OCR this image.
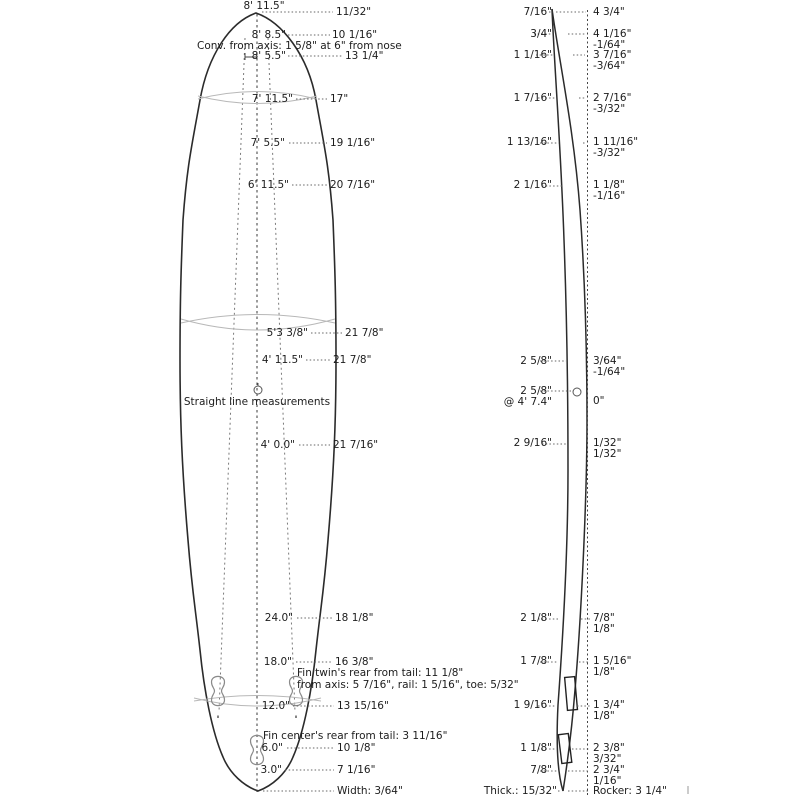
8' 11.5"	11/32"
8' 8.5"	10 1/16"
Conv. from axis: 1 5/8" at 6" from nose
8' 5.5"	13 1/4"
7' 11.5"	17"
7' 5.5"	19 1/16"
6' 11.5"	20 7/16"
5'3 3/8"	21 7/8"
4' 11.5"	21 7/8"
Straight line measurements
4' 0.0"	21 7/16"
24.0"	18 1/8"
18.0"	16 3/8"
Fin twin's rear from tail: 11 1/8"
from axis: 5 7/16", rail: 1 5/16", toe: 5/32"
12.0"	13 15/16"
Fin center's rear from tail: 3 11/16"
6.0"	10 1/8"
3.0"	7 1/16"
Width: 3/64"
7/16"	4 3/4"
3/4"	4 1/16"
-1/64"
1 1/16"	3 7/16"
-3/64"
1 7/16"	2 7/16"
-3/32"
1 13/16"	1 11/16"
-3/32"
2 1/16"	1 1/8"
-1/16"
2 5/8"	3/64"
-1/64"
2 5/8"
@ 4' 7.4"	0"
2 9/16"	1/32"
1/32"
2 1/8"	7/8"
1/8"
1 7/8"	1 5/16"
1/8"
1 9/16"	1 3/4"
1/8"
1 1/8"	2 3/8"
3/32"
7/8"	2 3/4"
1/16"
Thick.: 15/32"	Rocker: 3 1/4"
